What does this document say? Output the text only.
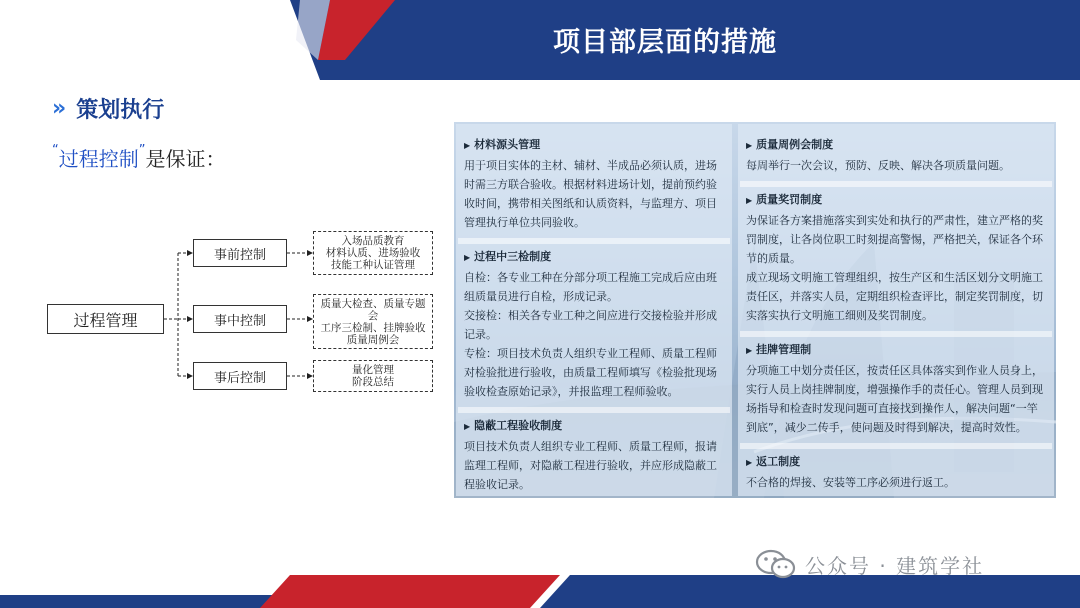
项目部层面的措施
» 策划执行
“过程控制”是保证：
过程管理
事前控制
事中控制
事后控制
入场品质教育
材料认质、进场验收
技能工种认证管理
质量大检查、质量专题会
工序三检制、挂牌验收
质量周例会
量化管理
阶段总结
▶ 材料源头管理

用于项目实体的主材、辅材、半成品必须认质，进场时需三方联合验收。根据材料进场计划，提前预约验收时间，携带相关图纸和认质资料，与监理方、项目管理执行单位共同验收。

▶ 过程中三检制度

自检：各专业工种在分部分项工程施工完成后应由班组质量员进行自检，形成记录。

交接检：相关各专业工种之间应进行交接检验并形成记录。

专检：项目技术负责人组织专业工程师、质量工程师对检验批进行验收，由质量工程师填写《检验批现场验收检查原始记录》，并报监理工程师验收。

▶ 隐蔽工程验收制度

项目技术负责人组织专业工程师、质量工程师，报请监理工程师，对隐蔽工程进行验收，并应形成隐蔽工程验收记录。

▶ 质量周例会制度

每周举行一次会议，预防、反映、解决各项质量问题。

▶ 质量奖罚制度

为保证各方案措施落实到实处和执行的严肃性，建立严格的奖罚制度，让各岗位职工时刻提高警惕，严格把关，保证各个环节的质量。

成立现场文明施工管理组织，按生产区和生活区划分文明施工责任区，并落实人员，定期组织检查评比，制定奖罚制度，切实落实执行文明施工细则及奖罚制度。

▶ 挂牌管理制

分项施工中划分责任区，按责任区具体落实到作业人员身上，实行人员上岗挂牌制度，增强操作手的责任心。管理人员到现场指导和检查时发现问题可直接找到操作人，解决问题“一竿到底”，减少二传手，使问题及时得到解决，提高时效性。

▶ 返工制度

不合格的焊接、安装等工序必须进行返工。

公众号 · 建筑学社
